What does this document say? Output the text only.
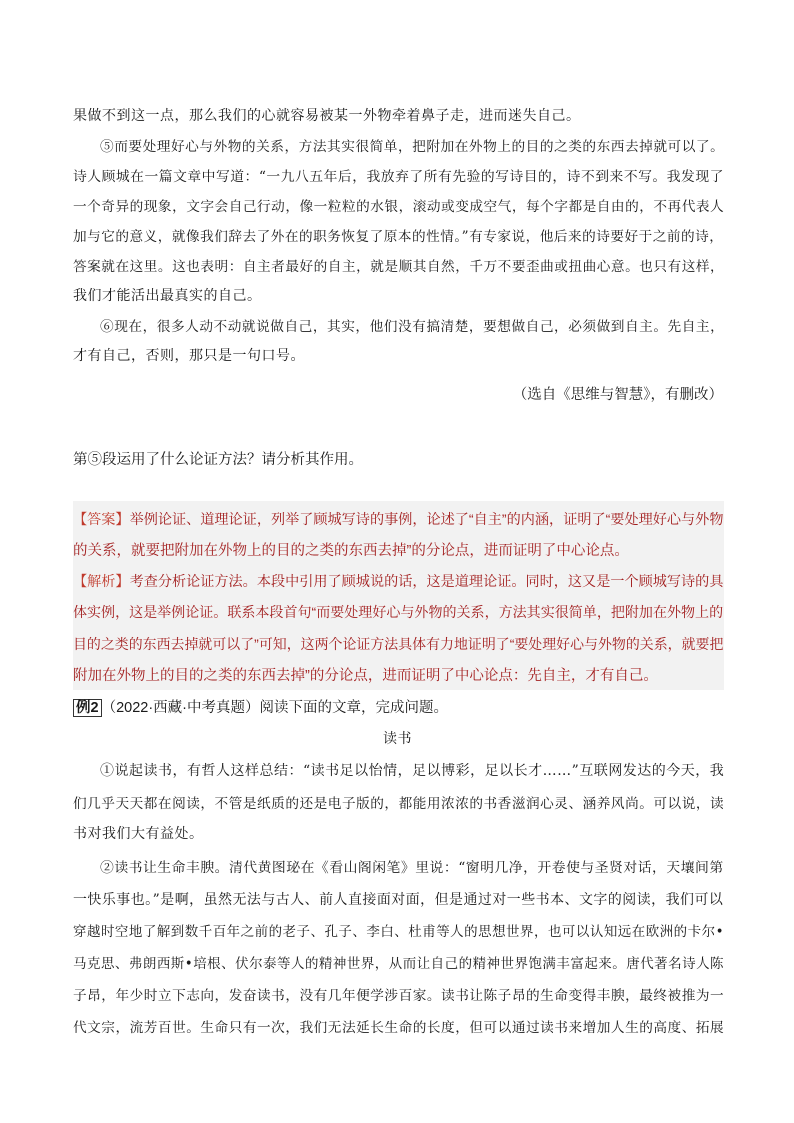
果做不到这一点，那么我们的心就容易被某一外物牵着鼻子走，进而迷失自己。
⑤而要处理好心与外物的关系，方法其实很简单，把附加在外物上的目的之类的东西去掉就可以了。
诗人顾城在一篇文章中写道：“一九八五年后，我放弃了所有先验的写诗目的，诗不到来不写。我发现了
一个奇异的现象，文字会自己行动，像一粒粒的水银，滚动或变成空气，每个字都是自由的，不再代表人
加与它的意义，就像我们辞去了外在的职务恢复了原本的性情。”有专家说，他后来的诗要好于之前的诗，
答案就在这里。这也表明：自主者最好的自主，就是顺其自然，千万不要歪曲或扭曲心意。也只有这样，
我们才能活出最真实的自己。
⑥现在，很多人动不动就说做自己，其实，他们没有搞清楚，要想做自己，必须做到自主。先自主，
才有自己，否则，那只是一句口号。
（选自《思维与智慧》，有删改）
第⑤段运用了什么论证方法？请分析其作用。
【答案】举例论证、道理论证，列举了顾城写诗的事例，论述了“自主”的内涵，证明了“要处理好心与外物
的关系，就要把附加在外物上的目的之类的东西去掉”的分论点，进而证明了中心论点。
【解析】考查分析论证方法。本段中引用了顾城说的话，这是道理论证。同时，这又是一个顾城写诗的具
体实例，这是举例论证。联系本段首句“而要处理好心与外物的关系，方法其实很简单，把附加在外物上的
目的之类的东西去掉就可以了”可知，这两个论证方法具体有力地证明了“要处理好心与外物的关系，就要把
附加在外物上的目的之类的东西去掉”的分论点，进而证明了中心论点：先自主，才有自己。
例2 （2022·西藏·中考真题）阅读下面的文章，完成问题。
读书
①说起读书，有哲人这样总结：“读书足以怡情，足以博彩，足以长才……”互联网发达的今天，我
们几乎天天都在阅读，不管是纸质的还是电子版的，都能用浓浓的书香滋润心灵、涵养风尚。可以说，读
书对我们大有益处。
②读书让生命丰腴。清代黄图珌在《看山阁闲笔》里说：“窗明几净，开卷使与圣贤对话，天壤间第
一快乐事也。”是啊，虽然无法与古人、前人直接面对面，但是通过对一些书本、文字的阅读，我们可以
穿越时空地了解到数千百年之前的老子、孔子、李白、杜甫等人的思想世界，也可以认知远在欧洲的卡尔•
马克思、弗朗西斯•培根、伏尔泰等人的精神世界，从而让自己的精神世界饱满丰富起来。唐代著名诗人陈
子昂，年少时立下志向，发奋读书，没有几年便学涉百家。读书让陈子昂的生命变得丰腴，最终被推为一
代文宗，流芳百世。生命只有一次，我们无法延长生命的长度，但可以通过读书来增加人生的高度、拓展
